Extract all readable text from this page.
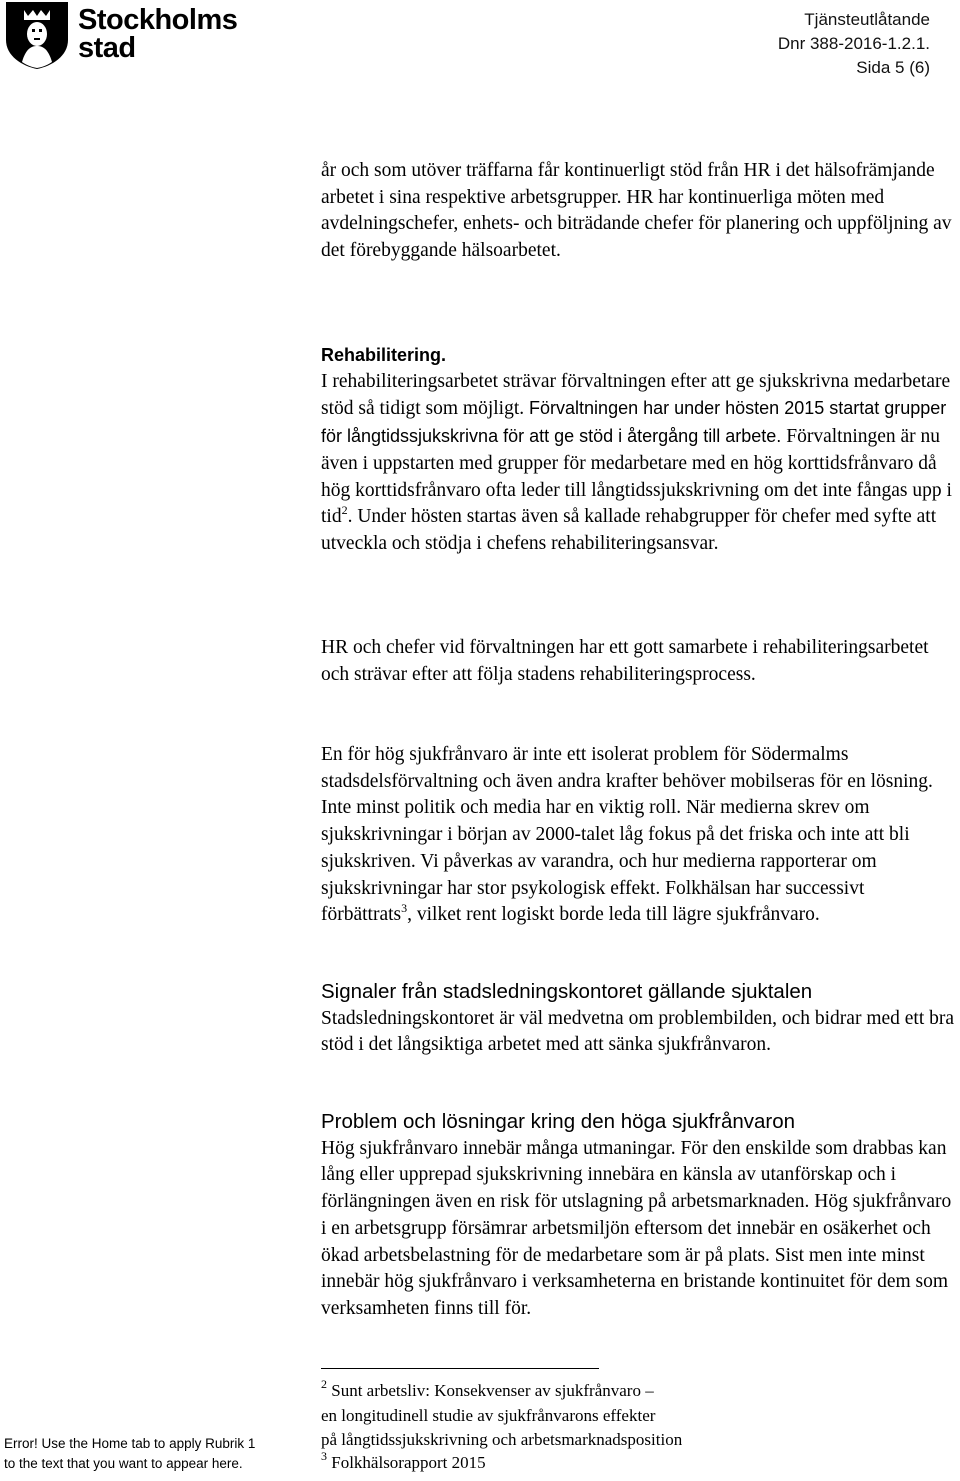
Stockholms
stad
Tjänsteutlåtande
Dnr 388-2016-1.2.1.
Sida 5 (6)

år och som utöver träffarna får kontinuerligt stöd från HR i det hälsofrämjande arbetet i sina respektive arbetsgrupper. HR har kontinuerliga möten med avdelningschefer, enhets- och biträdande chefer för planering och uppföljning av det förebyggande hälsoarbetet.

Rehabilitering.

I rehabiliteringsarbetet strävar förvaltningen efter att ge sjukskrivna medarbetare stöd så tidigt som möjligt. Förvaltningen har under hösten 2015 startat grupper för långtidssjukskrivna för att ge stöd i återgång till arbete. Förvaltningen är nu även i uppstarten med grupper för medarbetare med en hög korttidsfrånvaro då hög korttidsfrånvaro ofta leder till långtidssjukskrivning om det inte fångas upp i tid$^2$. Under hösten startas även så kallade rehabgrupper för chefer med syfte att utveckla och stödja i chefens rehabiliteringsansvar.

HR och chefer vid förvaltningen har ett gott samarbete i rehabiliteringsarbetet och strävar efter att följa stadens rehabiliteringsprocess.

En för hög sjukfrånvaro är inte ett isolerat problem för Södermalms stadsdelsförvaltning och även andra krafter behöver mobilseras för en lösning. Inte minst politik och media har en viktig roll. När medierna skrev om sjukskrivningar i början av 2000-talet låg fokus på det friska och inte att bli sjukskriven. Vi påverkas av varandra, och hur medierna rapporterar om sjukskrivningar har stor psykologisk effekt. Folkhälsan har successivt förbättrats$^3$, vilket rent logiskt borde leda till lägre sjukfrånvaro.

Signaler från stadsledningskontoret gällande sjuktalen

Stadsledningskontoret är väl medvetna om problembilden, och bidrar med ett bra stöd i det långsiktiga arbetet med att sänka sjukfrånvaron.

Problem och lösningar kring den höga sjukfrånvaron

Hög sjukfrånvaro innebär många utmaningar. För den enskilde som drabbas kan lång eller upprepad sjukskrivning innebära en känsla av utanförskap och i förlängningen även en risk för utslagning på arbetsmarknaden. Hög sjukfrånvaro i en arbetsgrupp försämrar arbetsmiljön eftersom det innebär en osäkerhet och ökad arbetsbelastning för de medarbetare som är på plats. Sist men inte minst innebär hög sjukfrånvaro i verksamheterna en bristande kontinuitet för dem som verksamheten finns till för.

$^2$ Sunt arbetsliv: Konsekvenser av sjukfrånvaro –
en longitudinell studie av sjukfrånvarons effekter
på långtidssjukskrivning och arbetsmarknadsposition
$^3$ Folkhälsorapport 2015
Error! Use the Home tab to apply Rubrik 1
to the text that you want to appear here.
